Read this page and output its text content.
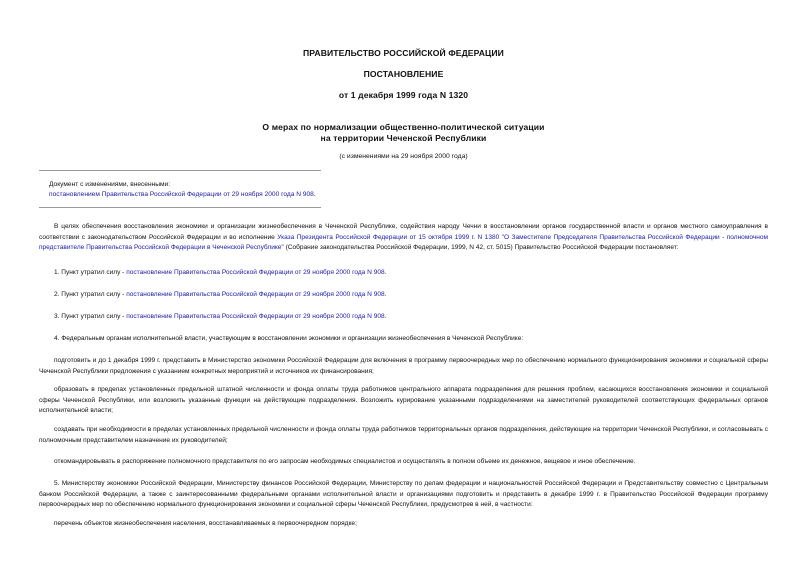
ПРАВИТЕЛЬСТВО РОССИЙСКОЙ ФЕДЕРАЦИИ
ПОСТАНОВЛЕНИЕ
от 1 декабря 1999 года N 1320
О мерах по нормализации общественно-политической ситуации
на территории Чеченской Республики
(с изменениями на 29 ноября 2000 года)
Документ с изменениями, внесенными:
постановлением Правительства Российской Федерации от 29 ноября 2000 года N 908.
В целях обеспечения восстановления экономики и организации жизнеобеспечения в Чеченской Республике, содействия народу Чечни в восстановлении органов государственной власти и органов местного самоуправления в соответствии с законодательством Российской Федерации и во исполнение Указа Президента Российской Федерации от 15 октября 1999 г. N 1380 "О Заместителе Председателя Правительства Российской Федерации - полномочном представителе Правительства Российской Федерации в Чеченской Республике" (Собрание законодательства Российской Федерации, 1999, N 42, ст. 5015) Правительство Российской Федерации постановляет:
1. Пункт утратил силу - постановление Правительства Российской Федерации от 29 ноября 2000 года N 908.
2. Пункт утратил силу - постановление Правительства Российской Федерации от 29 ноября 2000 года N 908.
3. Пункт утратил силу - постановление Правительства Российской Федерации от 29 ноября 2000 года N 908.
4. Федеральным органам исполнительной власти, участвующим в восстановлении экономики и организации жизнеобеспечения в Чеченской Республике:
подготовить и до 1 декабря 1999 г. представить в Министерство экономики Российской Федерации для включения в программу первоочередных мер по обеспечению нормального функционирования экономики и социальной сферы Чеченской Республики предложения с указанием конкретных мероприятий и источников их финансирования;
образовать в пределах установленных предельной штатной численности и фонда оплаты труда работников центрального аппарата подразделения для решения проблем, касающихся восстановления экономики и социальной сферы Чеченской Республики, или возложить указанные функции на действующие подразделения. Возложить курирование указанными подразделениями на заместителей руководителей соответствующих федеральных органов исполнительной власти;
создавать при необходимости в пределах установленных предельной численности и фонда оплаты труда работников территориальных органов подразделения, действующие на территории Чеченской Республики, и согласовывать с полномочным представителем назначение их руководителей;
откомандировывать в распоряжение полномочного представителя по его запросам необходимых специалистов и осуществлять в полном объеме их денежное, вещевое и иное обеспечение.
5. Министерству экономики Российской Федерации, Министерству финансов Российской Федерации, Министерству по делам федерации и национальностей Российской Федерации и Представительству совместно с Центральным банком Российской Федерации, а также с заинтересованными федеральными органами исполнительной власти и организациями подготовить и представить в декабре 1999 г. в Правительство Российской Федерации программу первоочередных мер по обеспечению нормального функционирования экономики и социальной сферы Чеченской Республики, предусмотрев в ней, в частности:
перечень объектов жизнеобеспечения населения, восстанавливаемых в первоочередном порядке;
